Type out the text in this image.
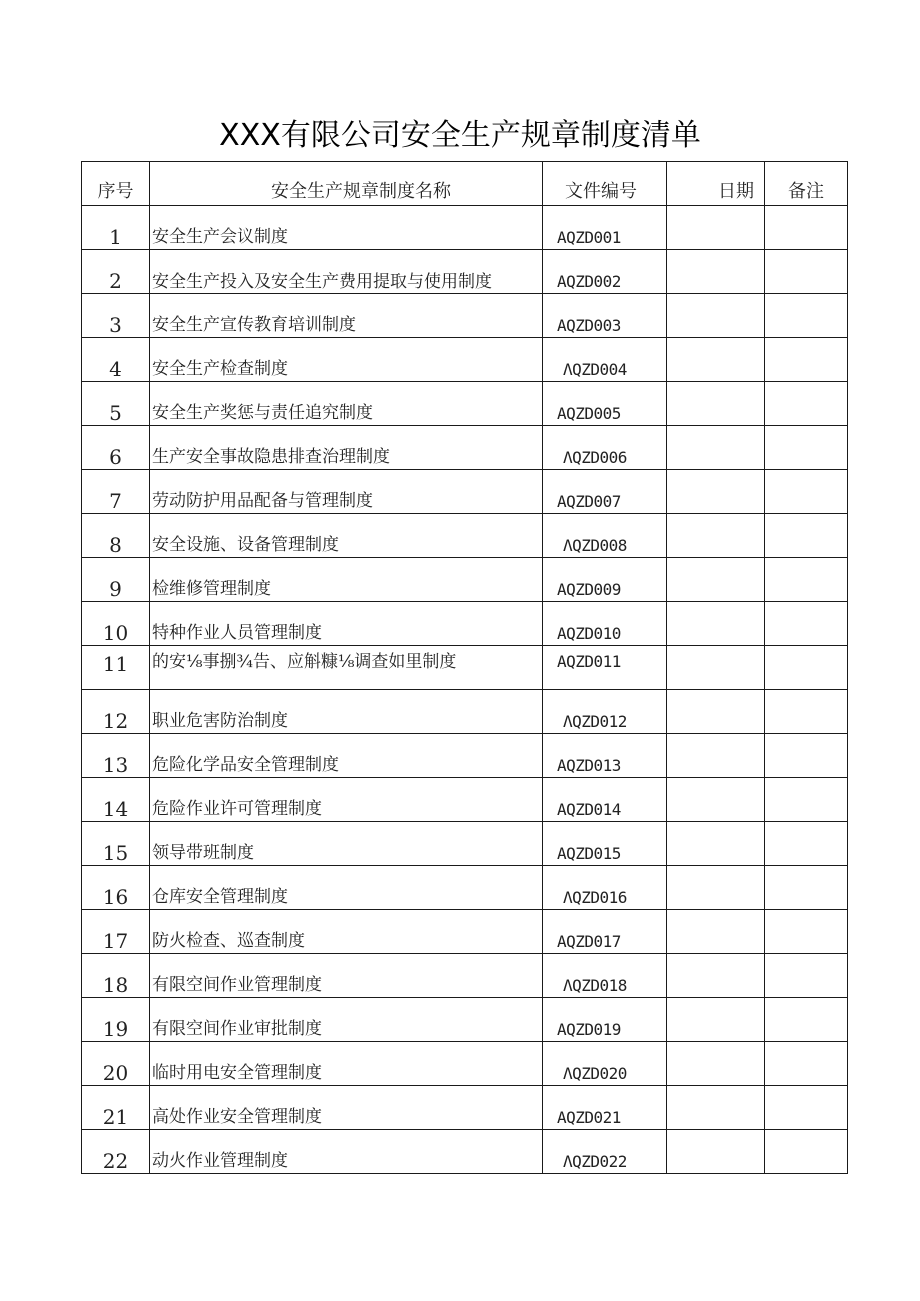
XXX有限公司安全生产规章制度清单
序号	安全生产规章制度名称	文件编号	日期	备注
1	安全生产会议制度	AQZD001		
2	安全生产投入及安全生产费用提取与使用制度	AQZD002		
3	安全生产宣传教育培训制度	AQZD003		
4	安全生产检查制度	ΛQZD004		
5	安全生产奖惩与责任追究制度	AQZD005		
6	生产安全事故隐患排查治理制度	ΛQZD006		
7	劳动防护用品配备与管理制度	AQZD007		
8	安全设施、设备管理制度	ΛQZD008		
9	检维修管理制度	AQZD009		
10	特种作业人员管理制度	AQZD010		
11	的安⅛事捌¾告、应斛糠⅛调查如里制度	AQZD011		
12	职业危害防治制度	ΛQZD012		
13	危险化学品安全管理制度	AQZD013		
14	危险作业许可管理制度	AQZD014		
15	领导带班制度	AQZD015		
16	仓库安全管理制度	ΛQZD016		
17	防火检查、巡查制度	AQZD017		
18	有限空间作业管理制度	ΛQZD018		
19	有限空间作业审批制度	AQZD019		
20	临时用电安全管理制度	ΛQZD020		
21	高处作业安全管理制度	AQZD021		
22	动火作业管理制度	ΛQZD022		
